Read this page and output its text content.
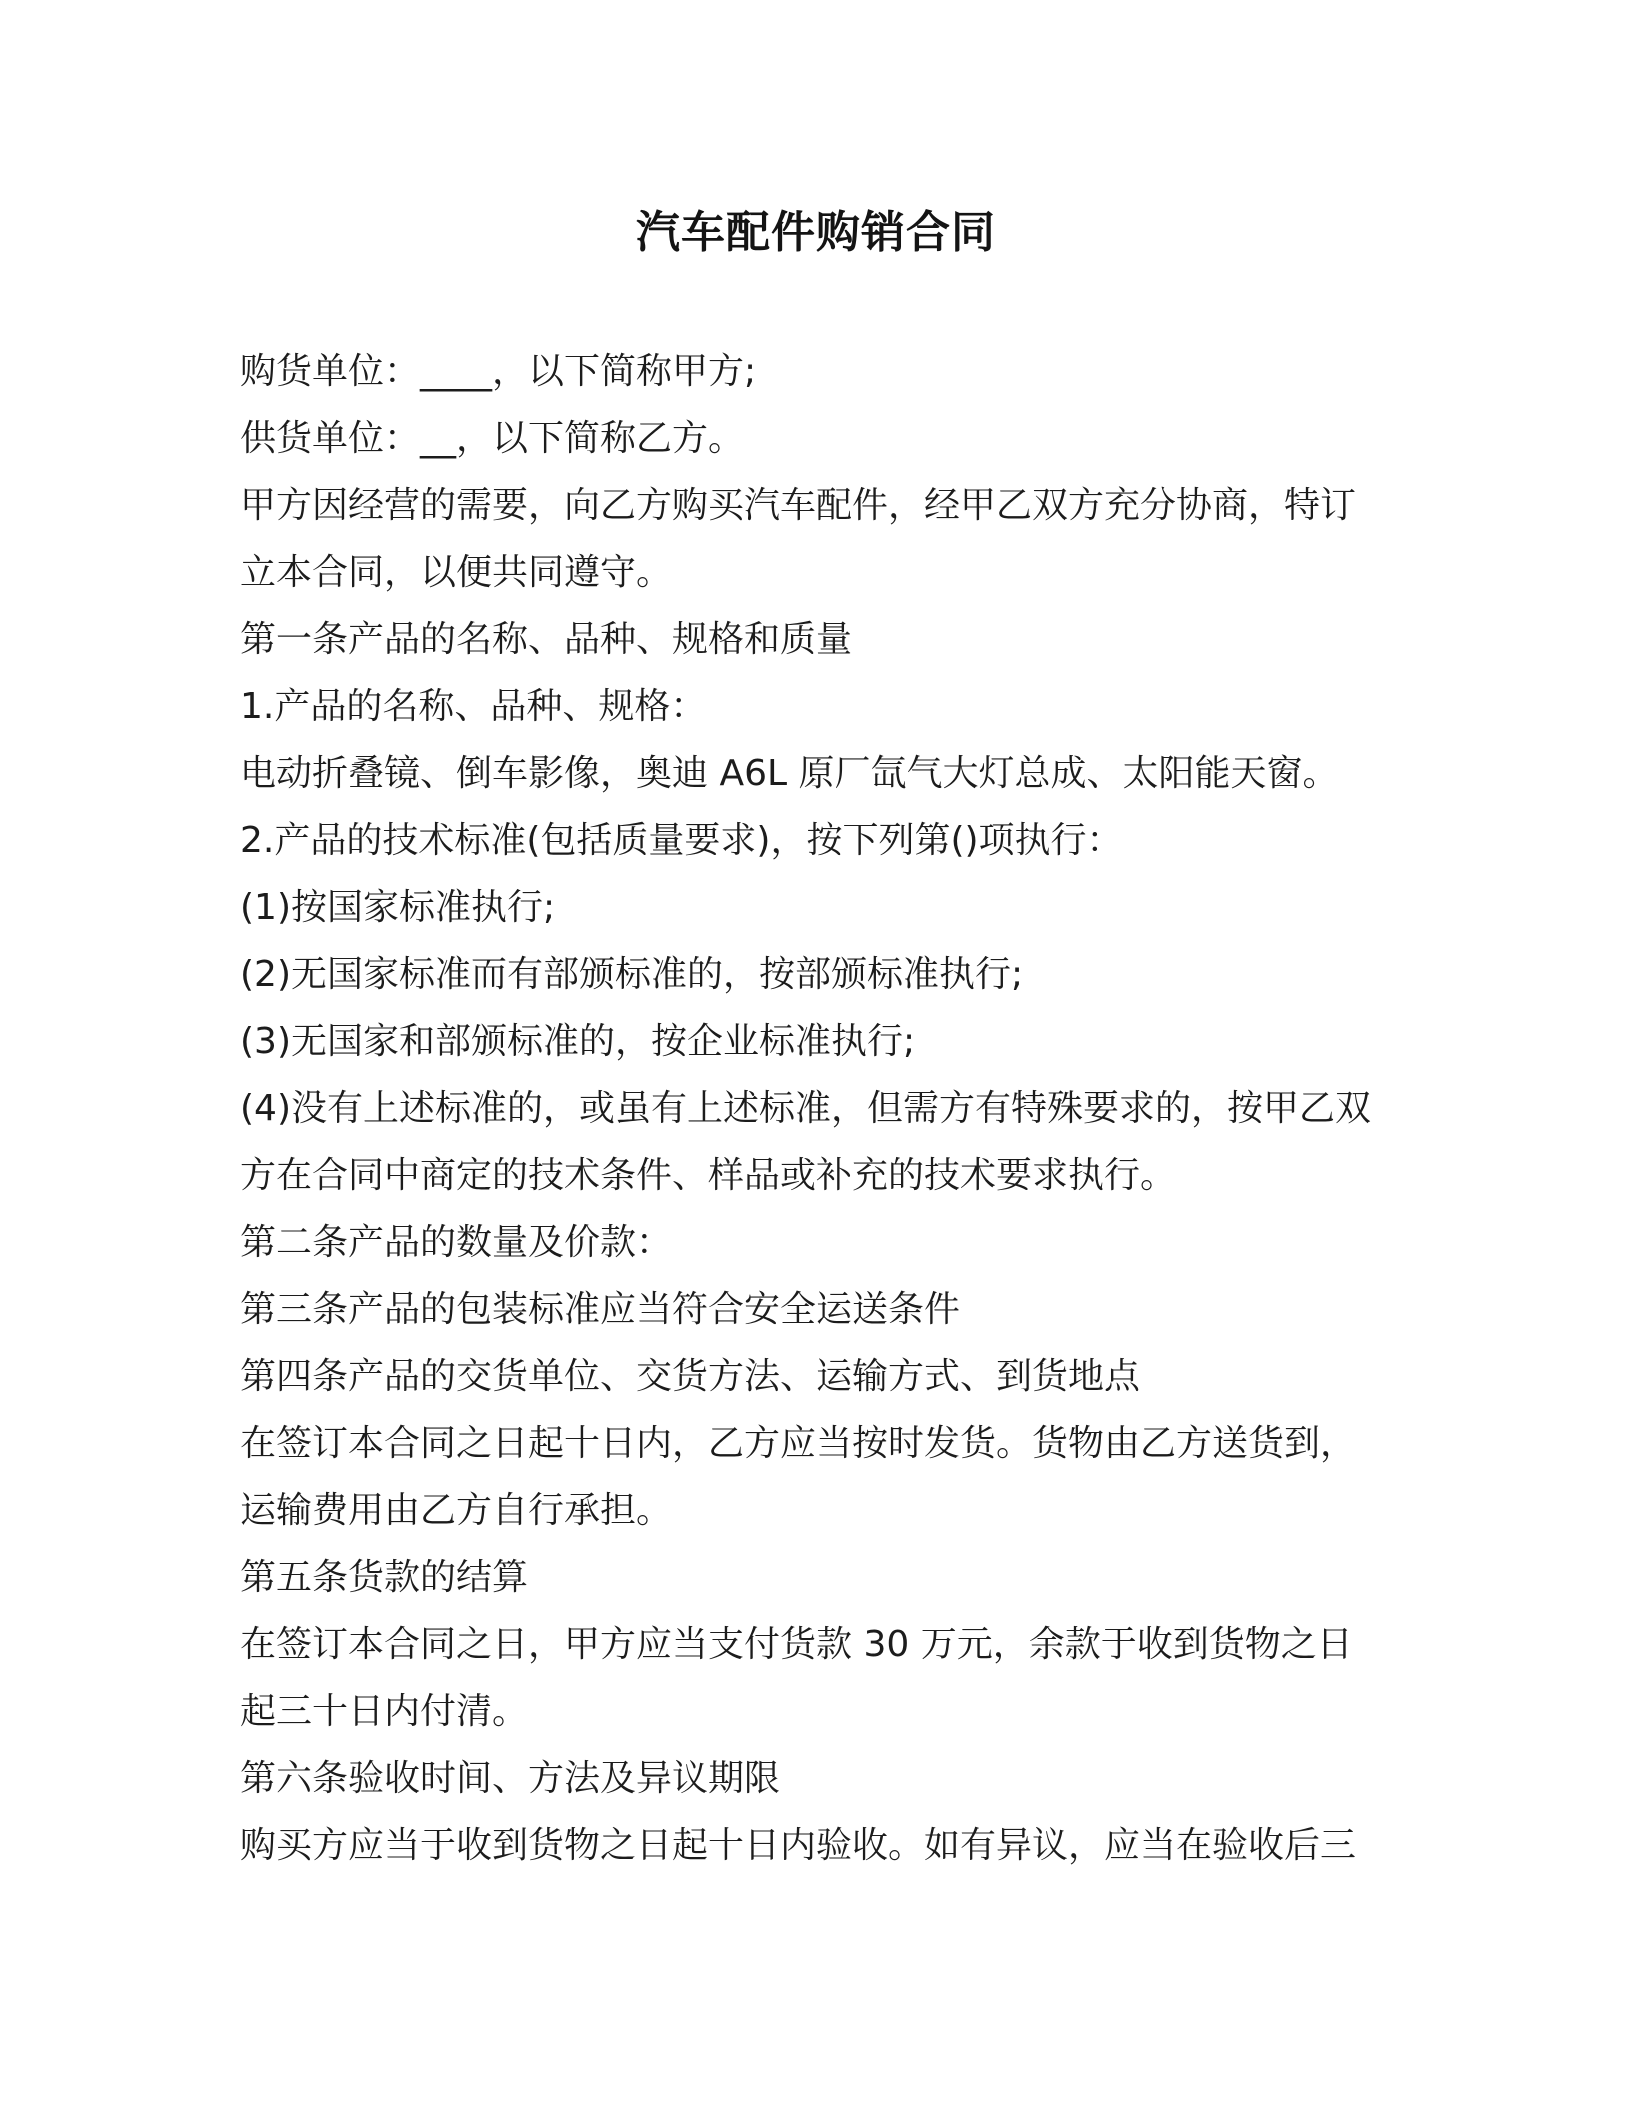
汽车配件购销合同
购货单位：____，以下简称甲方;
供货单位：__，以下简称乙方。
甲方因经营的需要，向乙方购买汽车配件，经甲乙双方充分协商，特订
立本合同，以便共同遵守。
第一条产品的名称、品种、规格和质量
1.产品的名称、品种、规格：
电动折叠镜、倒车影像，奥迪 A6L 原厂氙气大灯总成、太阳能天窗。
2.产品的技术标准(包括质量要求)，按下列第()项执行：
(1)按国家标准执行;
(2)无国家标准而有部颁标准的，按部颁标准执行;
(3)无国家和部颁标准的，按企业标准执行;
(4)没有上述标准的，或虽有上述标准，但需方有特殊要求的，按甲乙双
方在合同中商定的技术条件、样品或补充的技术要求执行。
第二条产品的数量及价款：
第三条产品的包装标准应当符合安全运送条件
第四条产品的交货单位、交货方法、运输方式、到货地点
在签订本合同之日起十日内，乙方应当按时发货。货物由乙方送货到，
运输费用由乙方自行承担。
第五条货款的结算
在签订本合同之日，甲方应当支付货款 30 万元，余款于收到货物之日
起三十日内付清。
第六条验收时间、方法及异议期限
购买方应当于收到货物之日起十日内验收。如有异议，应当在验收后三
